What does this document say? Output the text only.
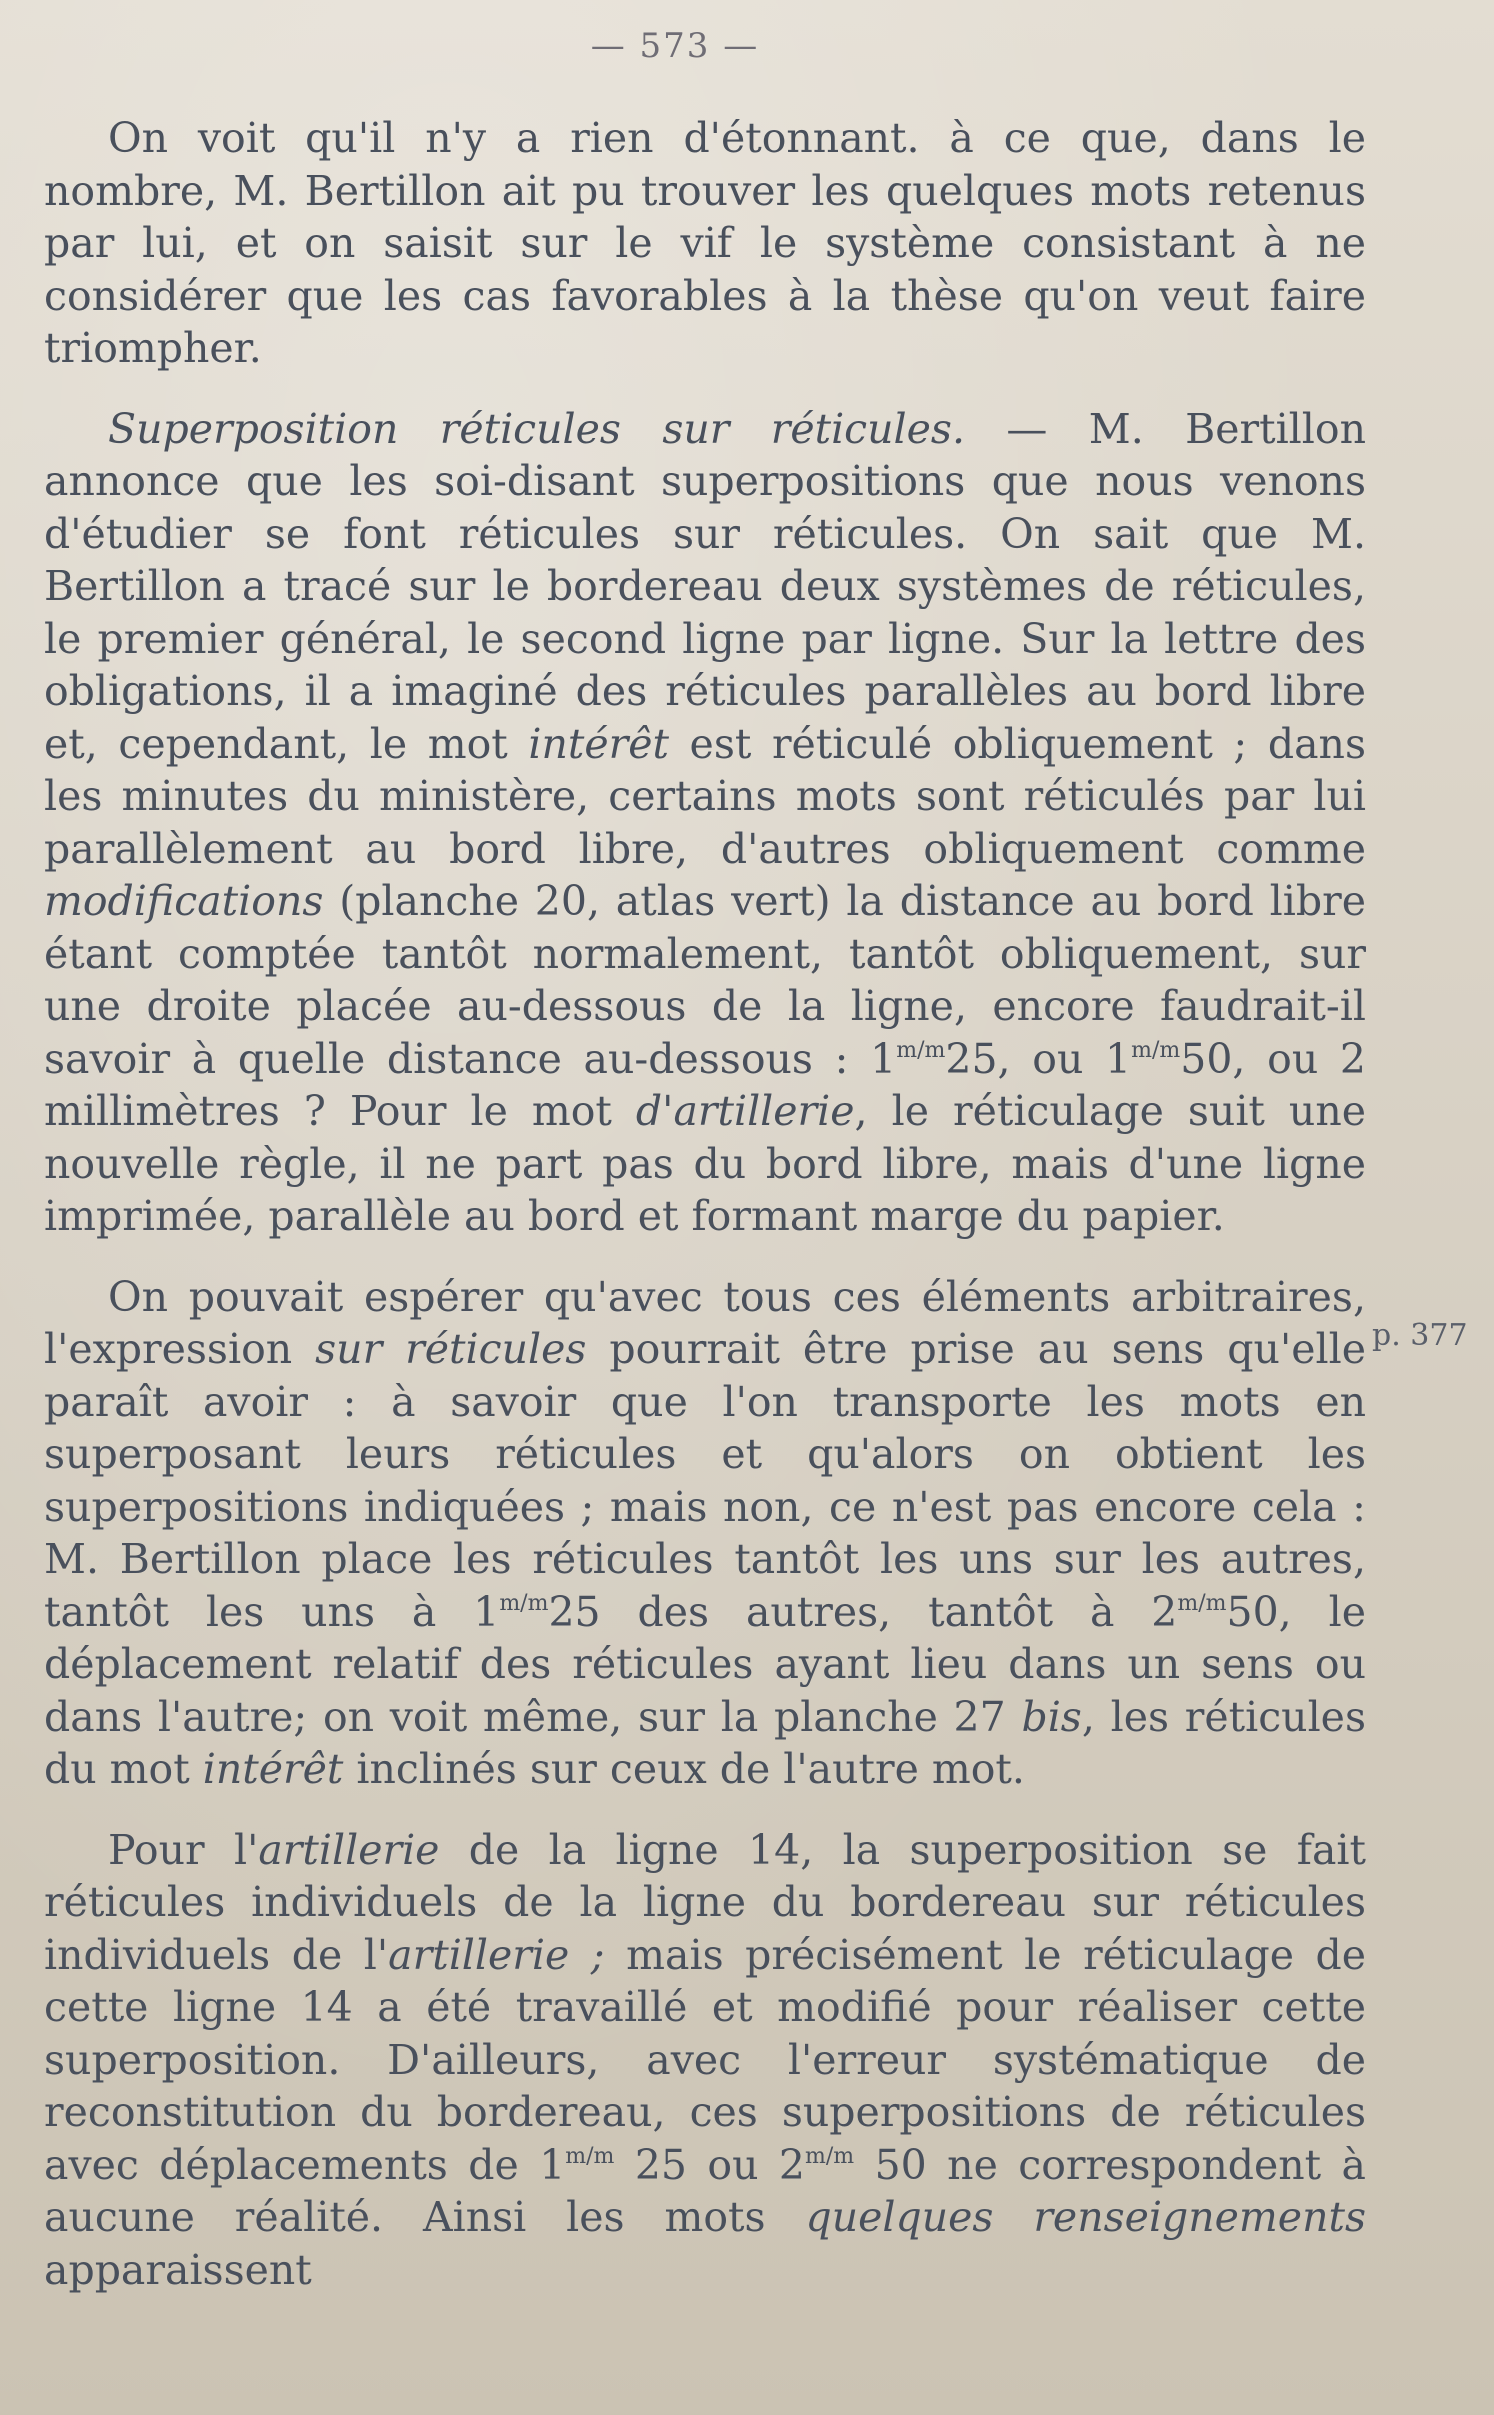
— 573 —

On voit qu'il n'y a rien d'étonnant. à ce que, dans le nombre, M. Bertillon ait pu trouver les quelques mots retenus par lui, et on saisit sur le vif le système consistant à ne considérer que les cas favorables à la thèse qu'on veut faire triompher.

Superposition réticules sur réticules. — M. Bertillon annonce que les soi-disant superpositions que nous venons d'étudier se font réticules sur réticules. On sait que M. Bertillon a tracé sur le bordereau deux systèmes de réticules, le premier général, le second ligne par ligne. Sur la lettre des obligations, il a imaginé des réticules parallèles au bord libre et, cependant, le mot intérêt est réticulé obliquement ; dans les minutes du ministère, certains mots sont réticulés par lui parallèlement au bord libre, d'autres obliquement comme modifications (planche 20, atlas vert) la distance au bord libre étant comptée tantôt normalement, tantôt obliquement, sur une droite placée au-dessous de la ligne, encore faudrait-il savoir à quelle distance au-dessous : $1^{m/m}25$, ou $1^{m/m}50$, ou 2 millimètres ? Pour le mot d'artillerie, le réticulage suit une nouvelle règle, il ne part pas du bord libre, mais d'une ligne imprimée, parallèle au bord et formant marge du papier.

On pouvait espérer qu'avec tous ces éléments arbitraires, l'expression sur réticules pourrait être prise au sens qu'elle paraît avoir : à savoir que l'on transporte les mots en superposant leurs réticules et qu'alors on obtient les superpositions indiquées ; mais non, ce n'est pas encore cela : M. Bertillon place les réticules tantôt les uns sur les autres, tantôt les uns à $1^{m/m}25$ des autres, tantôt à $2^{m/m}50$, le déplacement relatif des réticules ayant lieu dans un sens ou dans l'autre; on voit même, sur la planche 27 bis, les réticules du mot intérêt inclinés sur ceux de l'autre mot.

Pour l'artillerie de la ligne 14, la superposition se fait réticules individuels de la ligne du bordereau sur réticules individuels de l'artillerie ; mais précisément le réticulage de cette ligne 14 a été travaillé et modifié pour réaliser cette superposition. D'ailleurs, avec l'erreur systématique de reconstitution du bordereau, ces superpositions de réticules avec déplacements de $1^{m/m}$ 25 ou $2^{m/m}$ 50 ne correspondent à aucune réalité. Ainsi les mots quelques renseignements apparaissent

p. 377
